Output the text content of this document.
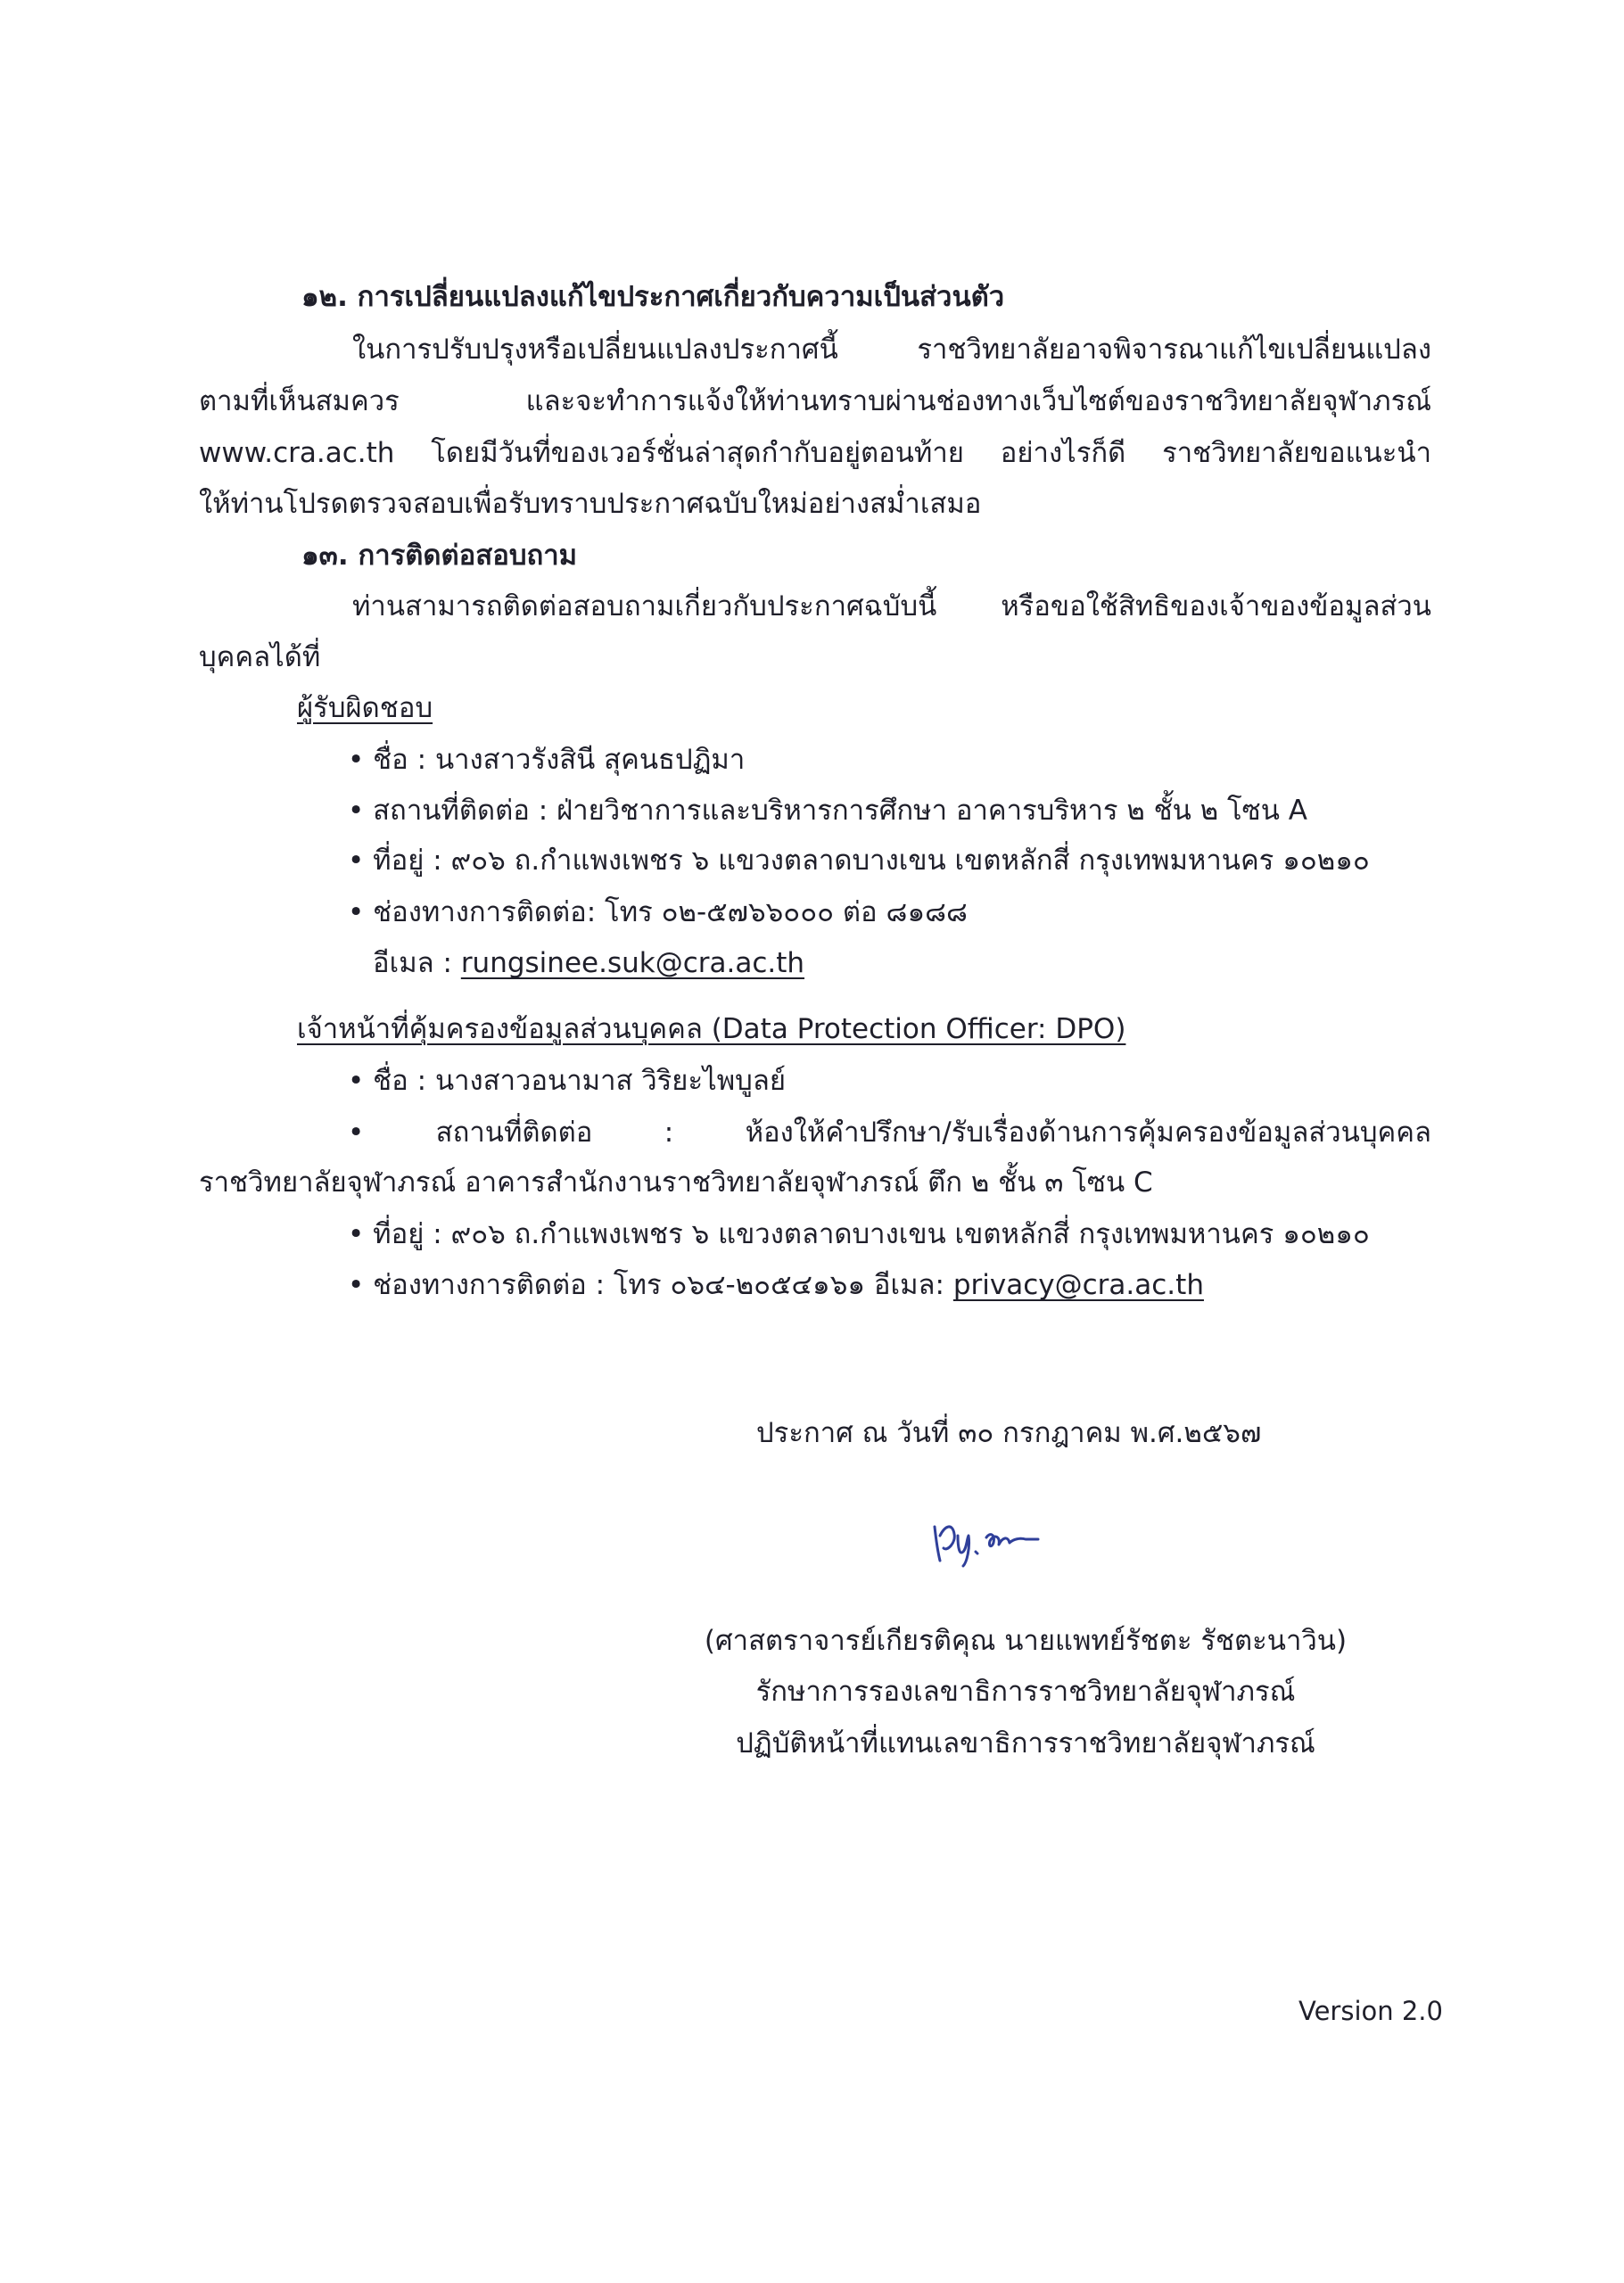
๑๒. การเปลี่ยนแปลงแก้ไขประกาศเกี่ยวกับความเป็นส่วนตัว
ในการปรับปรุงหรือเปลี่ยนแปลงประกาศนี้ ราชวิทยาลัยอาจพิจารณาแก้ไขเปลี่ยนแปลง
ตามที่เห็นสมควร และจะทำการแจ้งให้ท่านทราบผ่านช่องทางเว็บไซต์ของราชวิทยาลัยจุฬาภรณ์
www.cra.ac.th โดยมีวันที่ของเวอร์ชั่นล่าสุดกำกับอยู่ตอนท้าย อย่างไรก็ดี ราชวิทยาลัยขอแนะนำ
ให้ท่านโปรดตรวจสอบเพื่อรับทราบประกาศฉบับใหม่อย่างสม่ำเสมอ
๑๓. การติดต่อสอบถาม
ท่านสามารถติดต่อสอบถามเกี่ยวกับประกาศฉบับนี้ หรือขอใช้สิทธิของเจ้าของข้อมูลส่วน
บุคคลได้ที่
ผู้รับผิดชอบ
• ชื่อ : นางสาวรังสินี สุคนธปฏิมา
• สถานที่ติดต่อ : ฝ่ายวิชาการและบริหารการศึกษา อาคารบริหาร ๒ ชั้น ๒ โซน A
• ที่อยู่ : ๙๐๖ ถ.กำแพงเพชร ๖ แขวงตลาดบางเขน เขตหลักสี่ กรุงเทพมหานคร ๑๐๒๑๐
• ช่องทางการติดต่อ: โทร ๐๒-๕๗๖๖๐๐๐ ต่อ ๘๑๘๘
อีเมล : rungsinee.suk@cra.ac.th
เจ้าหน้าที่คุ้มครองข้อมูลส่วนบุคคล (Data Protection Officer: DPO)
• ชื่อ : นางสาวอนามาส วิริยะไพบูลย์
• สถานที่ติดต่อ : ห้องให้คำปรึกษา/รับเรื่องด้านการคุ้มครองข้อมูลส่วนบุคคล
ราชวิทยาลัยจุฬาภรณ์ อาคารสำนักงานราชวิทยาลัยจุฬาภรณ์ ตึก ๒ ชั้น ๓ โซน C
• ที่อยู่ : ๙๐๖ ถ.กำแพงเพชร ๖ แขวงตลาดบางเขน เขตหลักสี่ กรุงเทพมหานคร ๑๐๒๑๐
• ช่องทางการติดต่อ : โทร ๐๖๔-๒๐๕๔๑๖๑ อีเมล: privacy@cra.ac.th
ประกาศ ณ วันที่ ๓๐ กรกฎาคม พ.ศ.๒๕๖๗
(ศาสตราจารย์เกียรติคุณ นายแพทย์รัชตะ รัชตะนาวิน)
รักษาการรองเลขาธิการราชวิทยาลัยจุฬาภรณ์
ปฏิบัติหน้าที่แทนเลขาธิการราชวิทยาลัยจุฬาภรณ์
Version 2.0
